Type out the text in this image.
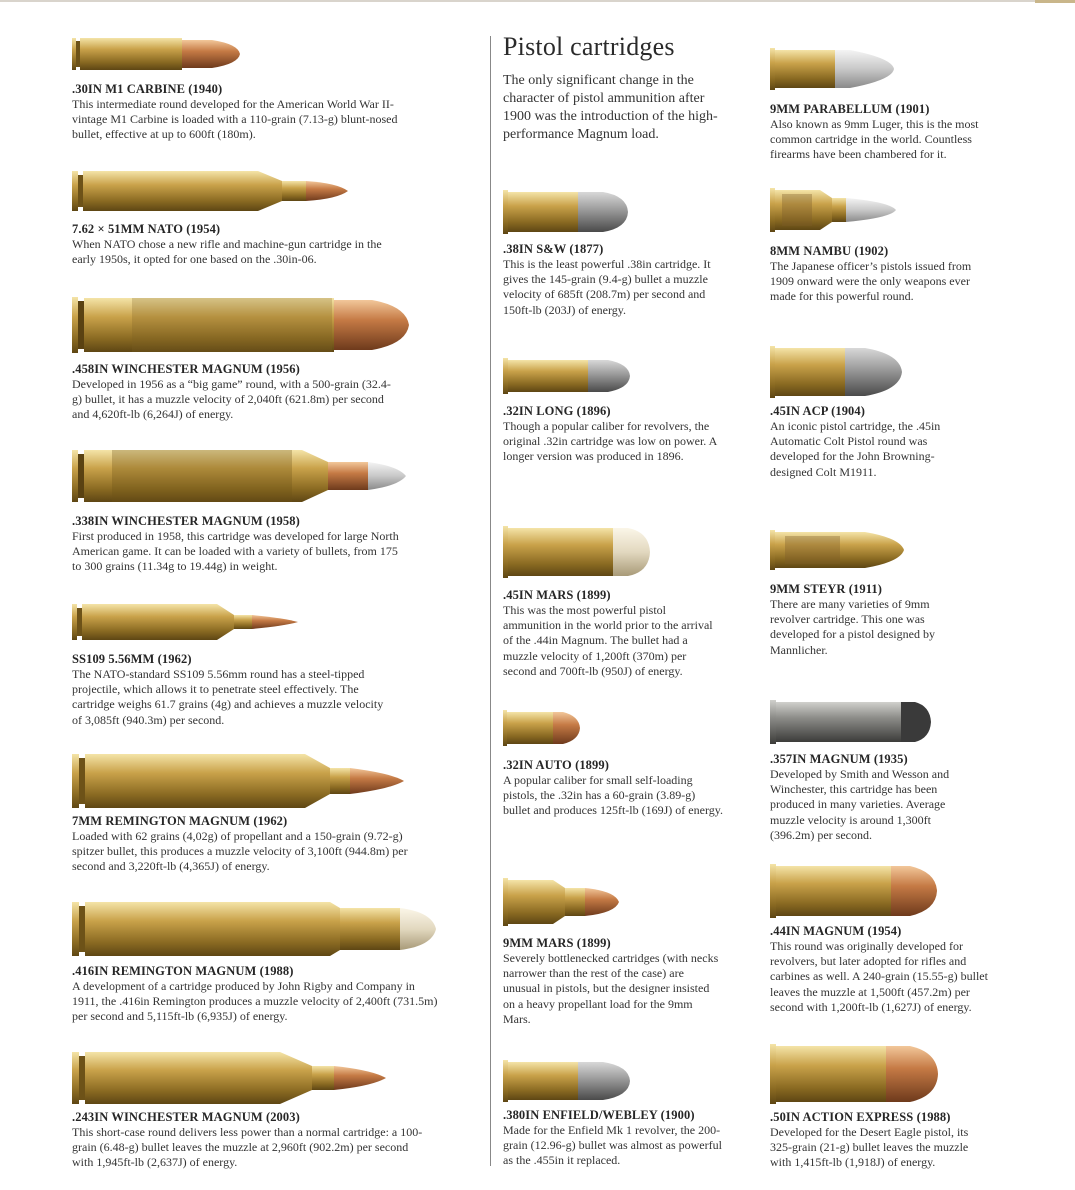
.30IN M1 CARBINE (1940)

This intermediate round developed for the American World War II-vintage M1 Carbine is loaded with a 110-grain (7.13-g) blunt-nosed bullet, effective at up to 600ft (180m).

7.62 × 51MM NATO (1954)

When NATO chose a new rifle and machine-gun cartridge in the early 1950s, it opted for one based on the .30in-06.

.458IN WINCHESTER MAGNUM (1956)

Developed in 1956 as a “big game” round, with a 500-grain (32.4-g) bullet, it has a muzzle velocity of 2,040ft (621.8m) per second and 4,620ft-lb (6,264J) of energy.

.338IN WINCHESTER MAGNUM (1958)

First produced in 1958, this cartridge was developed for large North American game. It can be loaded with a variety of bullets, from 175 to 300 grains (11.34g to 19.44g) in weight.

SS109 5.56MM (1962)

The NATO-standard SS109 5.56mm round has a steel-tipped projectile, which allows it to penetrate steel effectively. The cartridge weighs 61.7 grains (4g) and achieves a muzzle velocity of 3,085ft (940.3m) per second.

7MM REMINGTON MAGNUM (1962)

Loaded with 62 grains (4,02g) of propellant and a 150-grain (9.72-g) spitzer bullet, this produces a muzzle velocity of 3,100ft (944.8m) per second and 3,220ft-lb (4,365J) of energy.

.416IN REMINGTON MAGNUM (1988)

A development of a cartridge produced by John Rigby and Company in 1911, the .416in Remington produces a muzzle velocity of 2,400ft (731.5m) per second and 5,115ft-lb (6,935J) of energy.

.243IN WINCHESTER MAGNUM (2003)

This short-case round delivers less power than a normal cartridge: a 100-grain (6.48-g) bullet leaves the muzzle at 2,960ft (902.2m) per second with 1,945ft-lb (2,637J) of energy.

Pistol cartridges

The only significant change in the character of pistol ammunition after 1900 was the introduction of the high-performance Magnum load.

.38IN S&W (1877)

This is the least powerful .38in cartridge. It gives the 145-grain (9.4-g) bullet a muzzle velocity of 685ft (208.7m) per second and 150ft-lb (203J) of energy.

.32IN LONG (1896)

Though a popular caliber for revolvers, the original .32in cartridge was low on power. A longer version was produced in 1896.

.45IN MARS (1899)

This was the most powerful pistol ammunition in the world prior to the arrival of the .44in Magnum. The bullet had a muzzle velocity of 1,200ft (370m) per second and 700ft-lb (950J) of energy.

.32IN AUTO (1899)

A popular caliber for small self-loading pistols, the .32in has a 60-grain (3.89-g) bullet and produces 125ft-lb (169J) of energy.

9MM MARS (1899)

Severely bottlenecked cartridges (with necks narrower than the rest of the case) are unusual in pistols, but the designer insisted on a heavy propellant load for the 9mm Mars.

.380IN ENFIELD/WEBLEY (1900)

Made for the Enfield Mk 1 revolver, the 200-grain (12.96-g) bullet was almost as powerful as the .455in it replaced.

9MM PARABELLUM (1901)

Also known as 9mm Luger, this is the most common cartridge in the world. Countless firearms have been chambered for it.

8MM NAMBU (1902)

The Japanese officer’s pistols issued from 1909 onward were the only weapons ever made for this powerful round.

.45IN ACP (1904)

An iconic pistol cartridge, the .45in Automatic Colt Pistol round was developed for the John Browning-designed Colt M1911.

9MM STEYR (1911)

There are many varieties of 9mm revolver cartridge. This one was developed for a pistol designed by Mannlicher.

.357IN MAGNUM (1935)

Developed by Smith and Wesson and Winchester, this cartridge has been produced in many varieties. Average muzzle velocity is around 1,300ft (396.2m) per second.

.44IN MAGNUM (1954)

This round was originally developed for revolvers, but later adopted for rifles and carbines as well. A 240-grain (15.55-g) bullet leaves the muzzle at 1,500ft (457.2m) per second with 1,200ft-lb (1,627J) of energy.

.50IN ACTION EXPRESS (1988)

Developed for the Desert Eagle pistol, its 325-grain (21-g) bullet leaves the muzzle with 1,415ft-lb (1,918J) of energy.
